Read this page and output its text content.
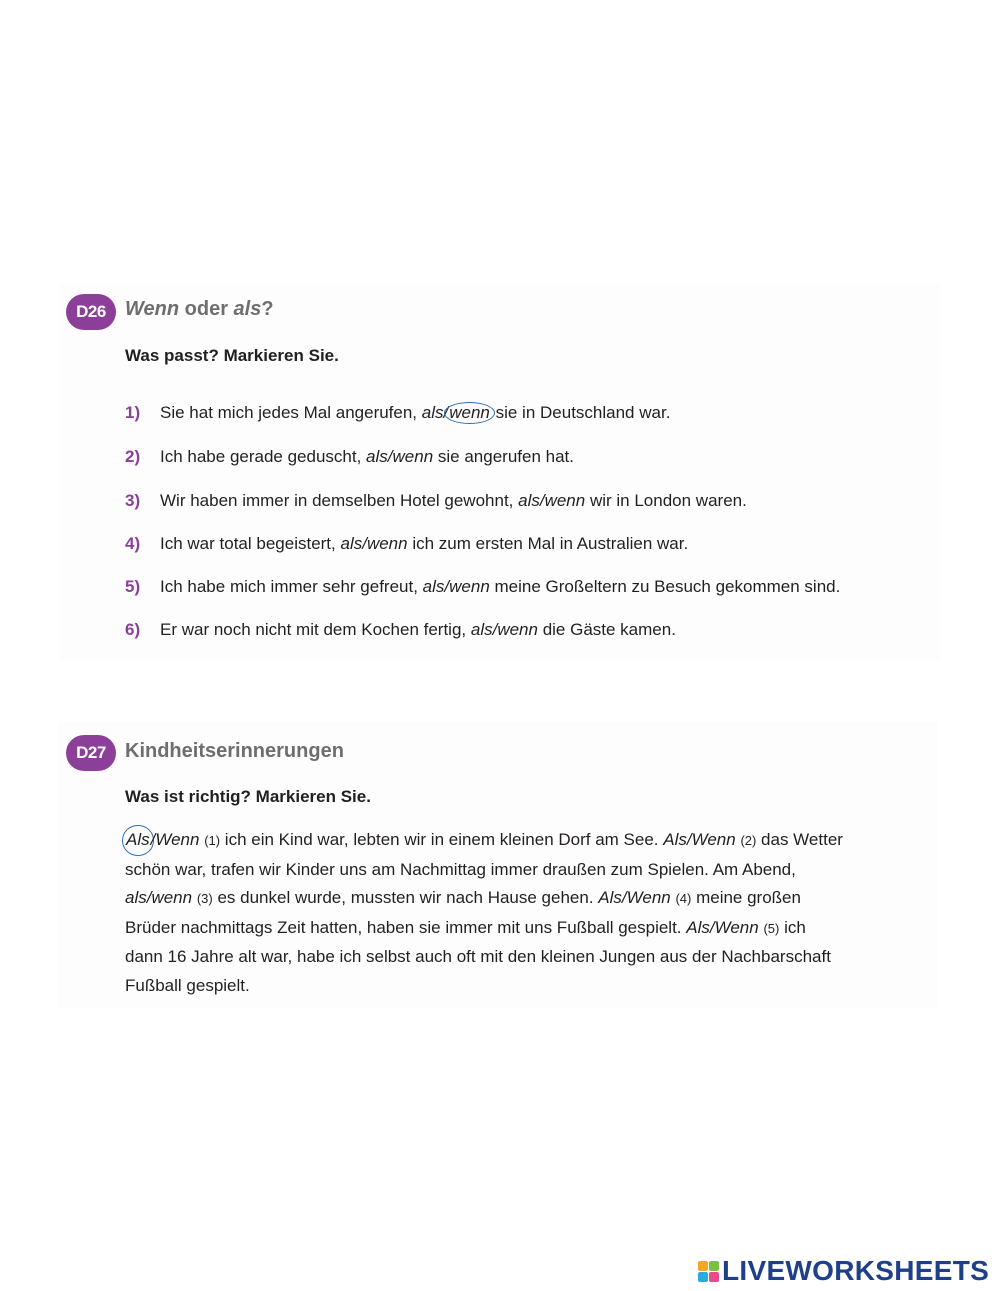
D26 Wenn oder als?
Was passt? Markieren Sie.
1) Sie hat mich jedes Mal angerufen, als/wenn sie in Deutschland war.
2) Ich habe gerade geduscht, als/wenn sie angerufen hat.
3) Wir haben immer in demselben Hotel gewohnt, als/wenn wir in London waren.
4) Ich war total begeistert, als/wenn ich zum ersten Mal in Australien war.
5) Ich habe mich immer sehr gefreut, als/wenn meine Großeltern zu Besuch gekommen sind.
6) Er war noch nicht mit dem Kochen fertig, als/wenn die Gäste kamen.
D27 Kindheitserinnerungen
Was ist richtig? Markieren Sie.
Als/Wenn (1) ich ein Kind war, lebten wir in einem kleinen Dorf am See. Als/Wenn (2) das Wetter
schön war, trafen wir Kinder uns am Nachmittag immer draußen zum Spielen. Am Abend,
als/wenn (3) es dunkel wurde, mussten wir nach Hause gehen. Als/Wenn (4) meine großen
Brüder nachmittags Zeit hatten, haben sie immer mit uns Fußball gespielt. Als/Wenn (5) ich
dann 16 Jahre alt war, habe ich selbst auch oft mit den kleinen Jungen aus der Nachbarschaft
Fußball gespielt.
LIVEWORKSHEETS
